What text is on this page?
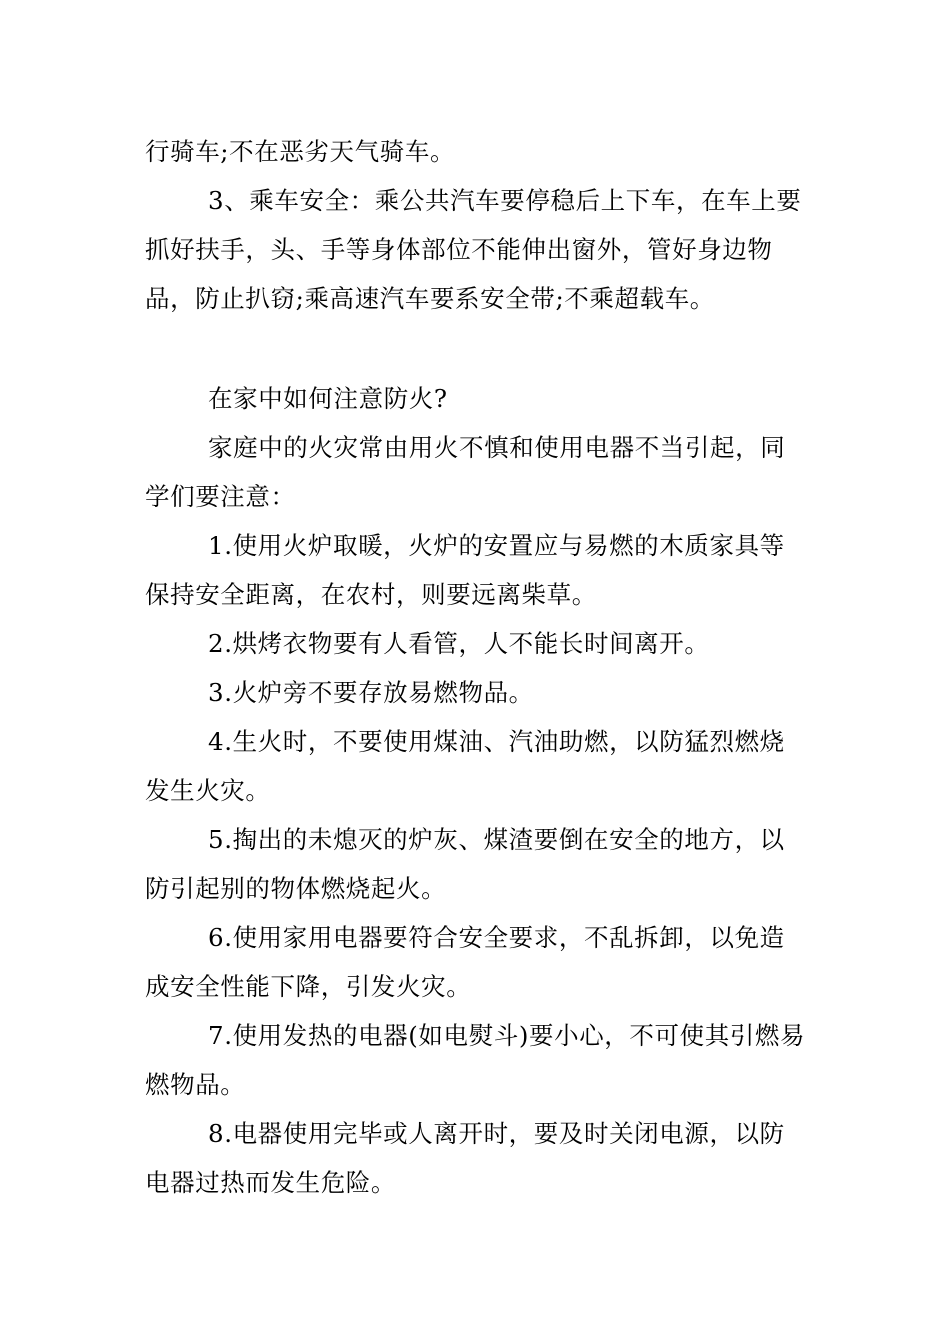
行骑车;不在恶劣天气骑车。

3、乘车安全：乘公共汽车要停稳后上下车，在车上要抓好扶手，头、手等身体部位不能伸出窗外，管好身边物品，防止扒窃;乘高速汽车要系安全带;不乘超载车。

在家中如何注意防火?

家庭中的火灾常由用火不慎和使用电器不当引起，同学们要注意：

1.使用火炉取暖，火炉的安置应与易燃的木质家具等保持安全距离，在农村，则要远离柴草。

2.烘烤衣物要有人看管，人不能长时间离开。

3.火炉旁不要存放易燃物品。

4.生火时，不要使用煤油、汽油助燃，以防猛烈燃烧发生火灾。

5.掏出的未熄灭的炉灰、煤渣要倒在安全的地方，以防引起别的物体燃烧起火。

6.使用家用电器要符合安全要求，不乱拆卸，以免造成安全性能下降，引发火灾。

7.使用发热的电器(如电熨斗)要小心，不可使其引燃易燃物品。

8.电器使用完毕或人离开时，要及时关闭电源，以防电器过热而发生危险。
